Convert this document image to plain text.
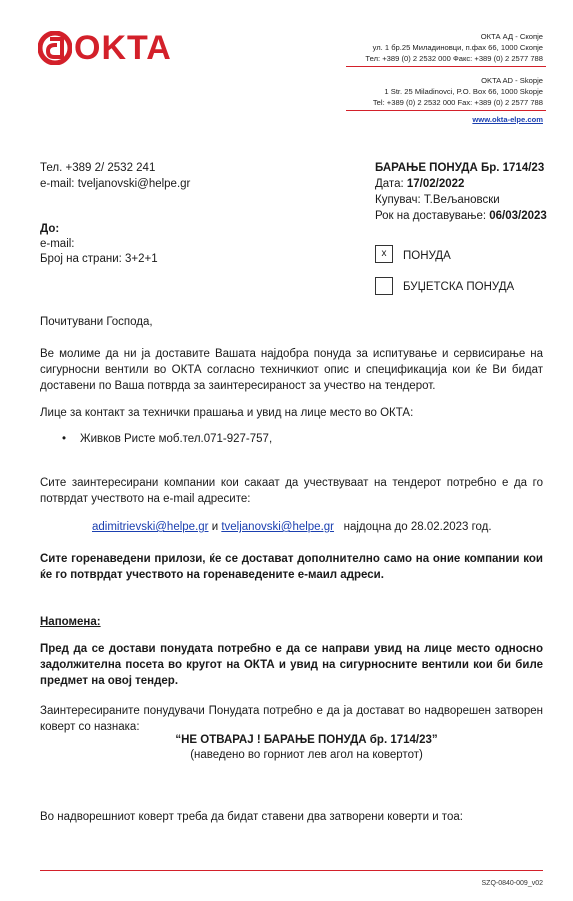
OKTA	ОКТА АД - Скопје
ул. 1 бр.25 Миладиновци, п.фах 66, 1000 Скопје
Тел: +389 (0) 2 2532 000 Факс: +389 (0) 2 2577 788
OKTA AD - Skopje
1 Str. 25 Miladinovci, P.O. Box 66, 1000 Skopje
Tel: +389 (0) 2 2532 000 Fax: +389 (0) 2 2577 788
www.okta-elpe.com
Тел. +389 2/ 2532 241
e-mail: tveljanovski@helpe.gr
БАРАЊЕ ПОНУДА Бр. 1714/23
Дата: 17/02/2022
Купувач: Т.Вељановски
Рок на доставување: 06/03/2023
До:
e-mail:
Број на страни: 3+2+1	x	ПОНУДА
БУЏЕТСКА ПОНУДА
Почитувани Господа,
Ве молиме да ни ја доставите Вашата најдобра понуда за испитување и сервисирање на сигурносни вентили во ОКТА согласно техничкиот опис и спецификација кои ќе Ви бидат доставени по Ваша потврда за заинтересираност за учество на тендерот.
Лице за контакт за технички прашања и увид на лице место во ОКТА:
•	Живков Ристе моб.тел.071-927-757,
Сите заинтересирани компании кои сакаат да учествуваат на тендерот потребно е да го потврдат учеството на e-mail адресите:
adimitrievski@helpe.gr и tveljanovski@helpe.gr најдоцна до 28.02.2023 год.
Сите горенаведени прилози, ќе се доставaт дополнително само на оние компании кои ќе го потврдат учеството на горенаведените е-маил адреси.
Напомена:
Пред да се достави понудата потребно е да се направи увид на лице место односно задолжителна посета во кругот на ОКТА и увид на сигурносните вентили кои би биле предмет на овој тендер.
Заинтересираните понудувачи Понудата потребно е да ја доставaт во надворешен затворен коверт со назнака:
“НЕ ОТВАРАЈ ! БАРАЊЕ ПОНУДА бр. 1714/23”
(наведено во горниот лев агол на ковертот)
Во надворешниот коверт треба да бидат ставени два затворени коверти и тоа:
SZQ-0840-009_v02
